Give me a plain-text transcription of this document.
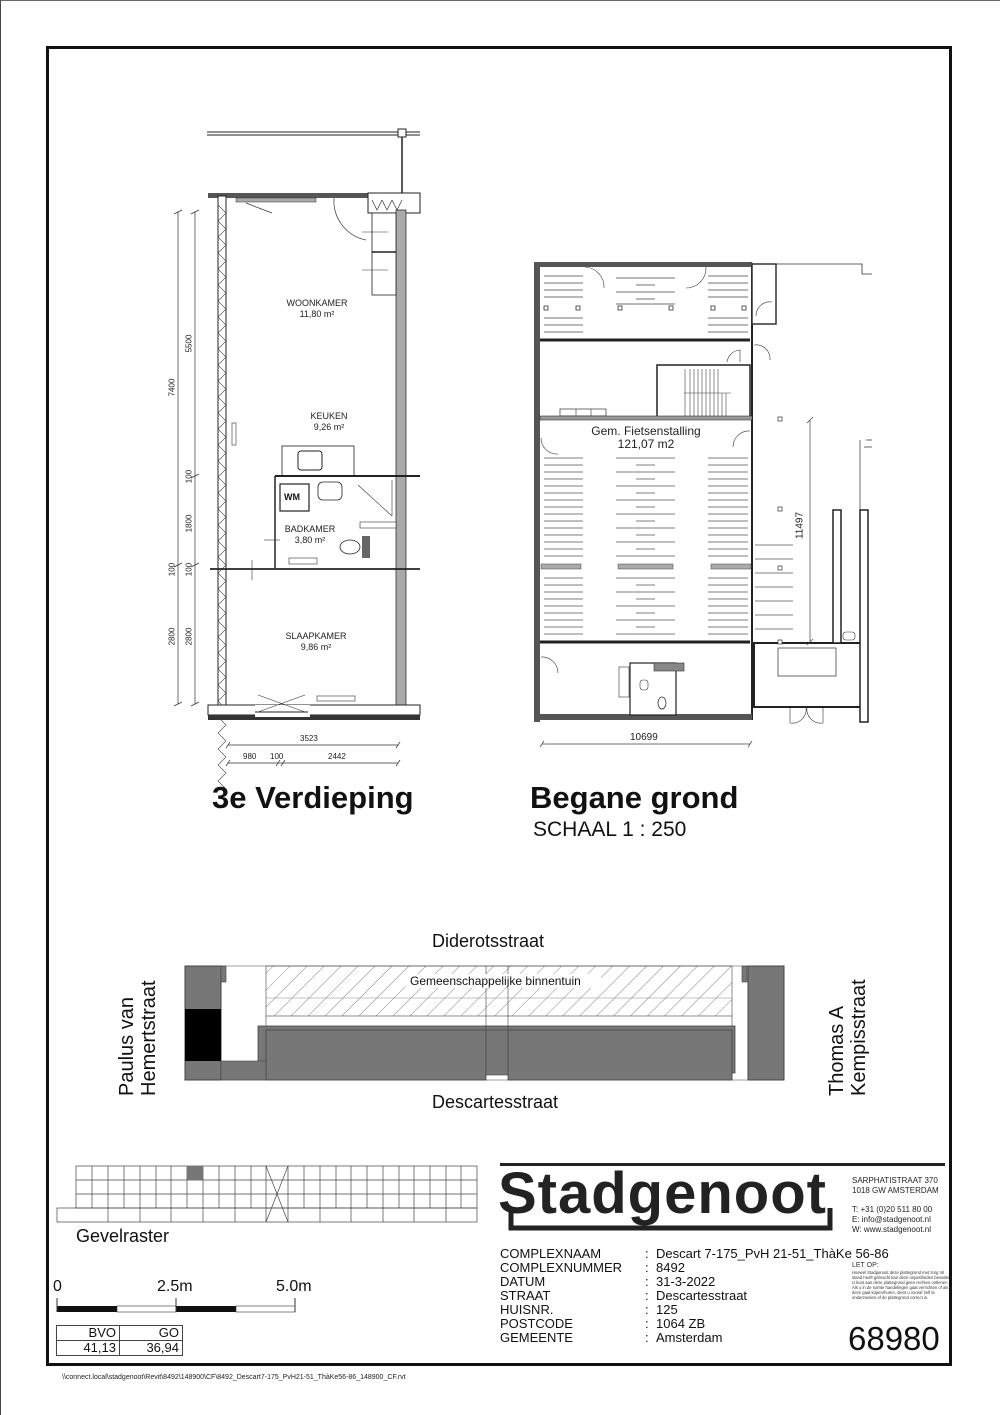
WOONKAMER
11,80 m²
KEUKEN
9,26 m²
BADKAMER
3,80 m²
SLAAPKAMER
9,86 m²
WM
7400
5500
100
1800
100 100
2800 2800
3523
980 100	2442
3e Verdieping
Gem. Fietsenstalling
121,07 m2
10699
11497
Begane grond
SCHAAL 1 : 250
Diderotsstraat
Descartesstraat
Gemeenschappelijke binnentuin
Paulus van Hemertstraat	Thomas A Kempisstraat
Gevelraster
0	2.5m	5.0m
BVO	GO
41,13	36,94
Stadgenoot	SARPHATISTRAAT 370
1018 GW AMSTERDAM
T: +31 (0)20 511 80 00
E: info@stadgenoot.nl
W: www.stadgenoot.nl
COMPLEXNAAM	: Descart 7-175_PvH 21-51_ThàKe 56-86
COMPLEXNUMMER : 8492
DATUM	: 31-3-2022
STRAAT	: Descartesstraat
HUISNR.	: 125
POSTCODE	: 1064 ZB
GEMEENTE	: Amsterdam
LET OP:
Hoewel Stadgenoot deze plattegrond met zorg tot stand heeft gebracht kan deze onjuistheden bevatten. U kunt aan deze plattegrond geen rechten ontlenen. Als u in de ruimte handelingen gaat verrichten of als u deze gaat kopen/huren, dient u vooraf zelf te onderzoeken of de plattegrond correct is.
68980
\\connect.local\stadgenoot\Revit\8492\148900\CF\8492_Descart7-175_PvH21-51_ThàKe56-86_148900_CF.rvt
